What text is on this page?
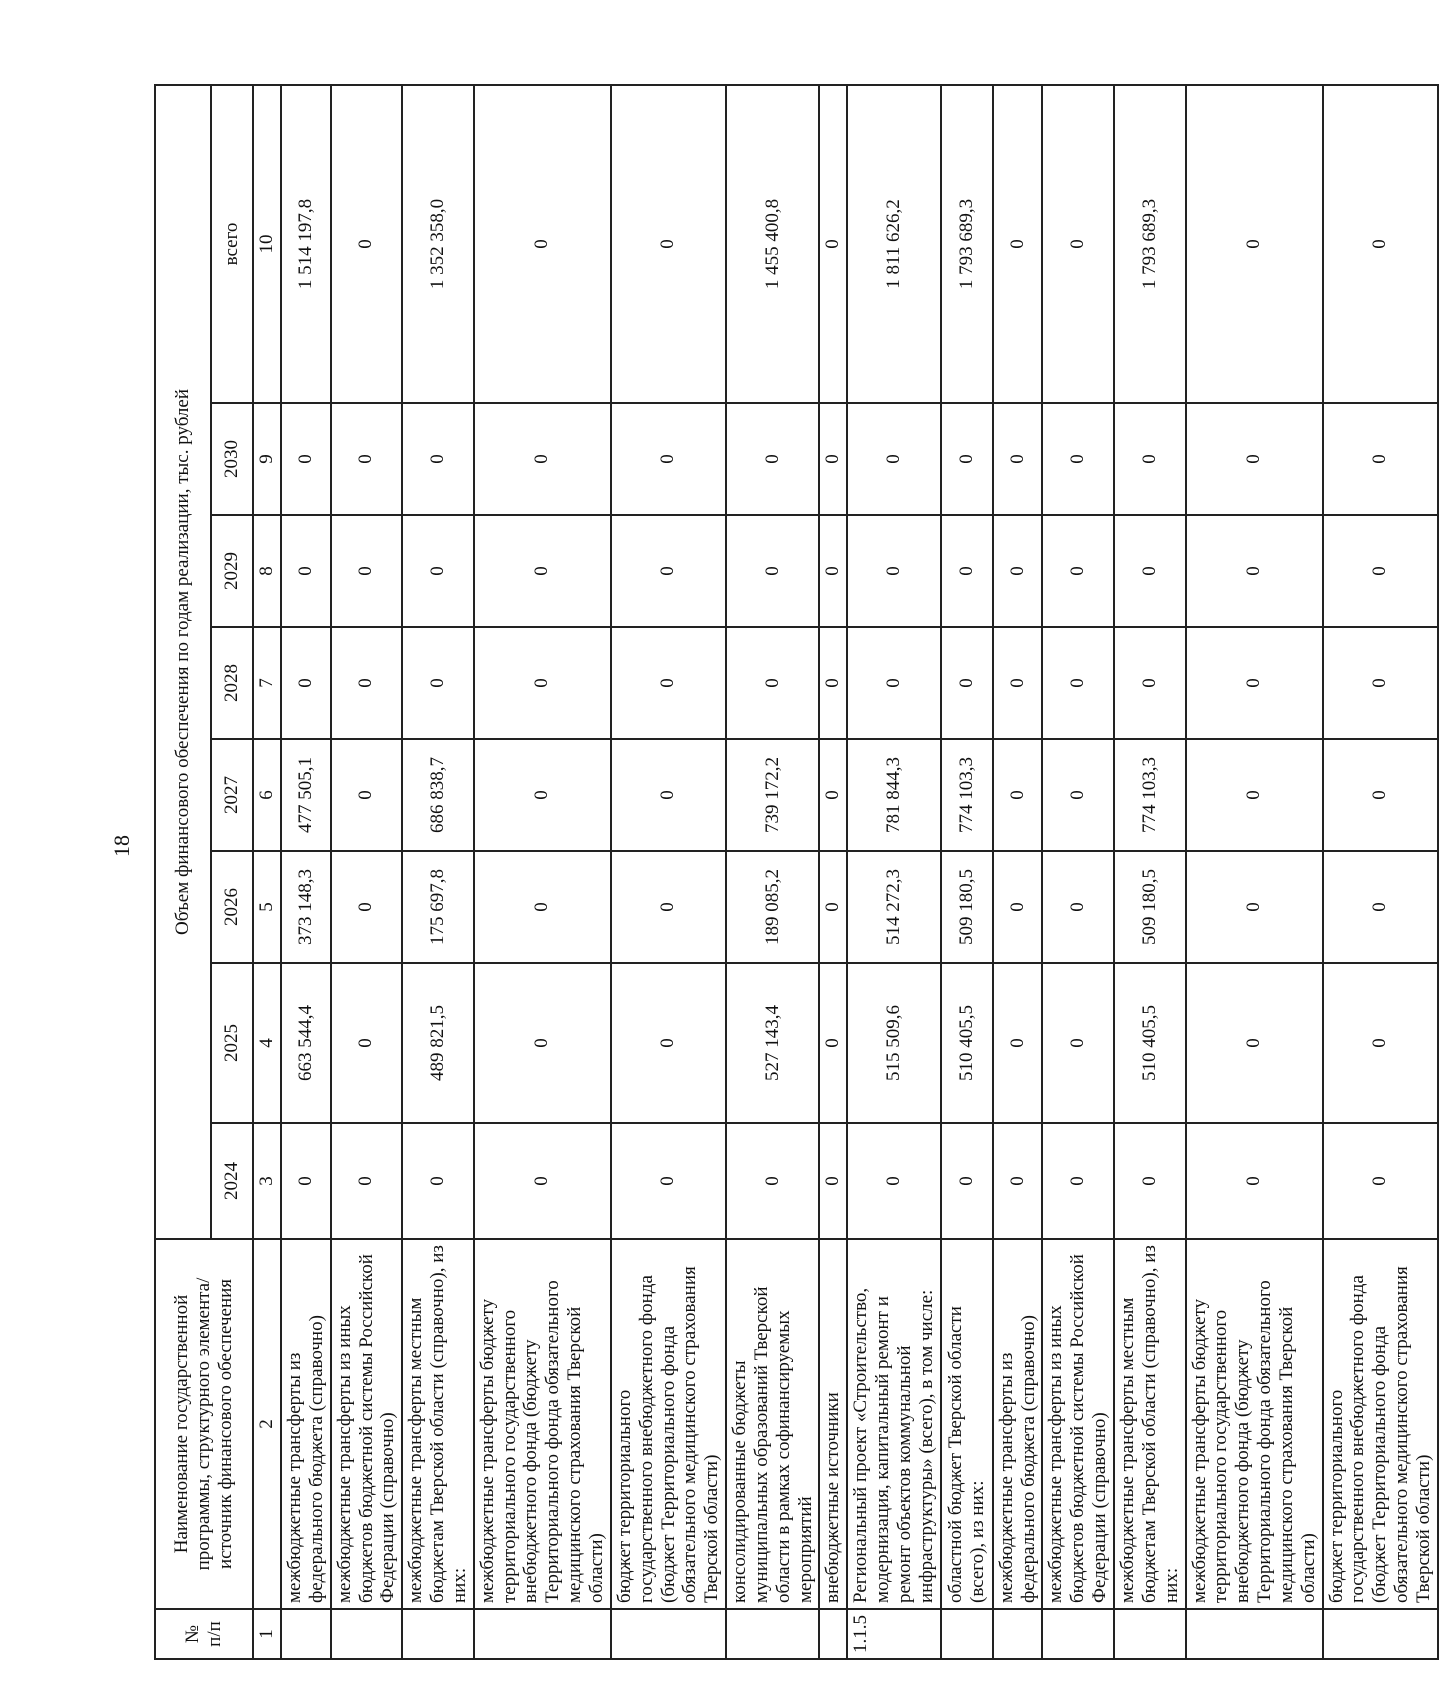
18
№ п/п	Наименование государственной программы, структурного элемента/источник финансового обеспечения	Объем финансового обеспечения по годам реализации, тыс. рублей							
		2024	2025	2026	2027	2028	2029	2030	всего
1	2	3	4	5	6	7	8	9	10
	межбюджетные трансферты из федерального бюджета (справочно)	0	663 544,4	373 148,3	477 505,1	0	0	0	1 514 197,8
	межбюджетные трансферты из иных бюджетов бюджетной системы Российской Федерации (справочно)	0	0	0	0	0	0	0	0
	межбюджетные трансферты местным бюджетам Тверской области (справочно), из них:	0	489 821,5	175 697,8	686 838,7	0	0	0	1 352 358,0
	межбюджетные трансферты бюджету территориального государственного внебюджетного фонда (бюджету Территориального фонда обязательного медицинского страхования Тверской области)	0	0	0	0	0	0	0	0
	бюджет территориального государственного внебюджетного фонда (бюджет Территориального фонда обязательного медицинского страхования Тверской области)	0	0	0	0	0	0	0	0
	консолидированные бюджеты муниципальных образований Тверской области в рамках софинансируемых мероприятий	0	527 143,4	189 085,2	739 172,2	0	0	0	1 455 400,8
	внебюджетные источники	0	0	0	0	0	0	0	0
1.1.5	Региональный проект «Строительство, модернизация, капитальный ремонт и ремонт объектов коммунальной инфраструктуры» (всего), в том числе:	0	515 509,6	514 272,3	781 844,3	0	0	0	1 811 626,2
	областной бюджет Тверской области (всего), из них:	0	510 405,5	509 180,5	774 103,3	0	0	0	1 793 689,3
	межбюджетные трансферты из федерального бюджета (справочно)	0	0	0	0	0	0	0	0
	межбюджетные трансферты из иных бюджетов бюджетной системы Российской Федерации (справочно)	0	0	0	0	0	0	0	0
	межбюджетные трансферты местным бюджетам Тверской области (справочно), из них:	0	510 405,5	509 180,5	774 103,3	0	0	0	1 793 689,3
	межбюджетные трансферты бюджету территориального государственного внебюджетного фонда (бюджету Территориального фонда обязательного медицинского страхования Тверской области)	0	0	0	0	0	0	0	0
	бюджет территориального государственного внебюджетного фонда (бюджет Территориального фонда обязательного медицинского страхования Тверской области)	0	0	0	0	0	0	0	0
